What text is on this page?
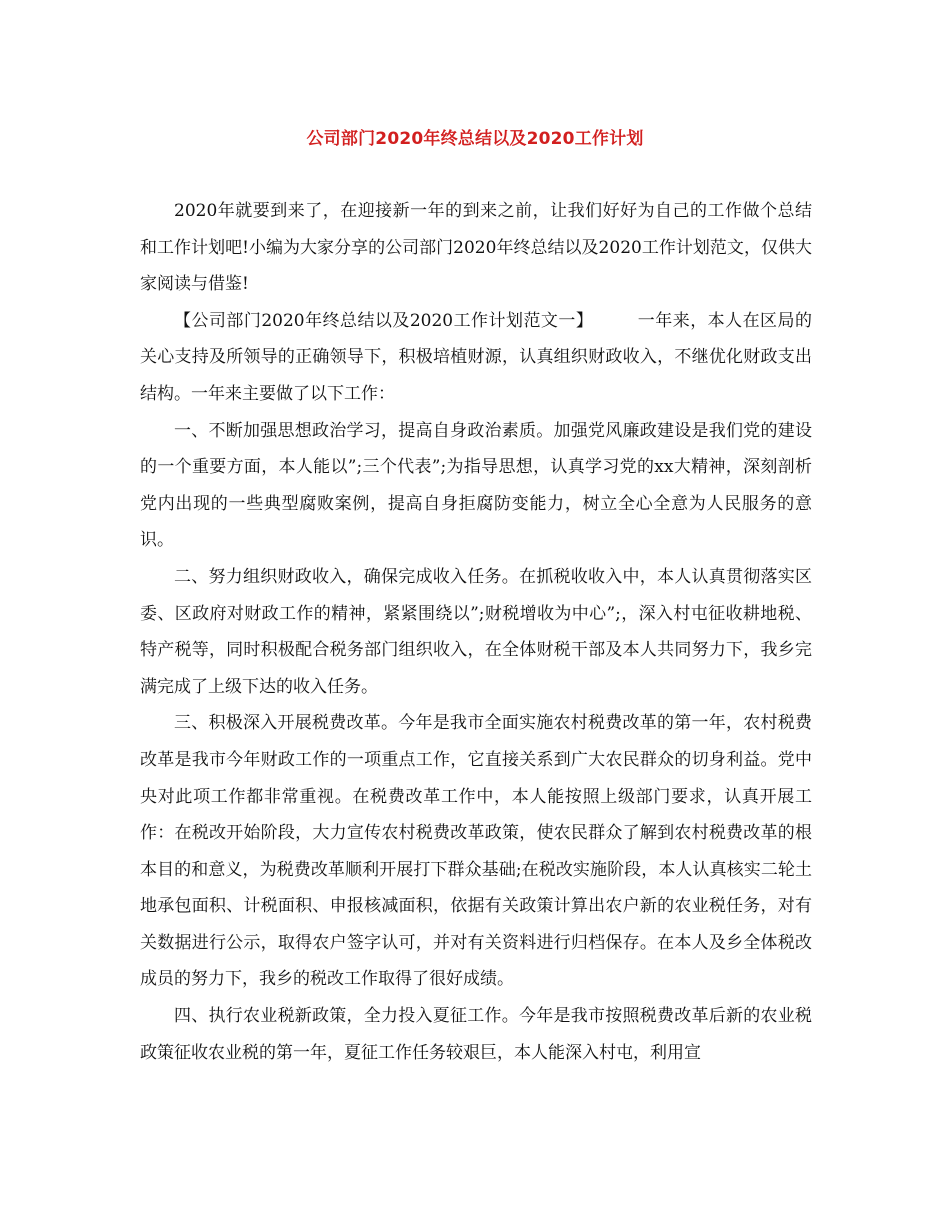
公司部门2020年终总结以及2020工作计划

2020年就要到来了，在迎接新一年的到来之前，让我们好好为自己的工作做个总结和工作计划吧!小编为大家分享的公司部门2020年终总结以及2020工作计划范文，仅供大家阅读与借鉴!

【公司部门2020年终总结以及2020工作计划范文一】	一年来，本人在区局的关心支持及所领导的正确领导下，积极培植财源，认真组织财政收入，不继优化财政支出结构。一年来主要做了以下工作：

一、不断加强思想政治学习，提高自身政治素质。加强党风廉政建设是我们党的建设的一个重要方面，本人能以”;三个代表”;为指导思想，认真学习党的xx大精神，深刻剖析党内出现的一些典型腐败案例，提高自身拒腐防变能力，树立全心全意为人民服务的意识。

二、努力组织财政收入，确保完成收入任务。在抓税收收入中，本人认真贯彻落实区委、区政府对财政工作的精神，紧紧围绕以”;财税增收为中心”;，深入村屯征收耕地税、特产税等，同时积极配合税务部门组织收入，在全体财税干部及本人共同努力下，我乡完满完成了上级下达的收入任务。

三、积极深入开展税费改革。今年是我市全面实施农村税费改革的第一年，农村税费改革是我市今年财政工作的一项重点工作，它直接关系到广大农民群众的切身利益。党中央对此项工作都非常重视。在税费改革工作中，本人能按照上级部门要求，认真开展工作：在税改开始阶段，大力宣传农村税费改革政策，使农民群众了解到农村税费改革的根本目的和意义，为税费改革顺利开展打下群众基础;在税改实施阶段，本人认真核实二轮土地承包面积、计税面积、申报核减面积，依据有关政策计算出农户新的农业税任务，对有关数据进行公示，取得农户签字认可，并对有关资料进行归档保存。在本人及乡全体税改成员的努力下，我乡的税改工作取得了很好成绩。

四、执行农业税新政策，全力投入夏征工作。今年是我市按照税费改革后新的农业税政策征收农业税的第一年，夏征工作任务较艰巨，本人能深入村屯，利用宣
